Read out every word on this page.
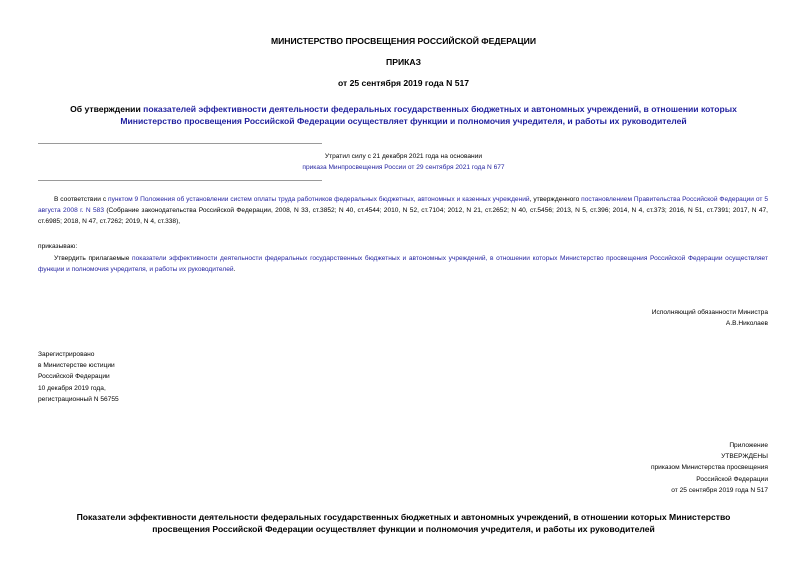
МИНИСТЕРСТВО ПРОСВЕЩЕНИЯ РОССИЙСКОЙ ФЕДЕРАЦИИ
ПРИКАЗ
от 25 сентября 2019 года N 517
Об утверждении показателей эффективности деятельности федеральных государственных бюджетных и автономных учреждений, в отношении которых Министерство просвещения Российской Федерации осуществляет функции и полномочия учредителя, и работы их руководителей
Утратил силу с 21 декабря 2021 года на основании
приказа Минпросвещения России от 29 сентября 2021 года N 677
В соответствии с пунктом 9 Положения об установлении систем оплаты труда работников федеральных бюджетных, автономных и казенных учреждений, утвержденного постановлением Правительства Российской Федерации от 5 августа 2008 г. N 583 (Собрание законодательства Российской Федерации, 2008, N 33, ст.3852; N 40, ст.4544; 2010, N 52, ст.7104; 2012, N 21, ст.2652; N 40, ст.5456; 2013, N 5, ст.396; 2014, N 4, ст.373; 2016, N 51, ст.7391; 2017, N 47, ст.6985; 2018, N 47, ст.7262; 2019, N 4, ст.338),
приказываю:
Утвердить прилагаемые показатели эффективности деятельности федеральных государственных бюджетных и автономных учреждений, в отношении которых Министерство просвещения Российской Федерации осуществляет функции и полномочия учредителя, и работы их руководителей.

Исполняющий обязанности Министра

А.В.Николаев

Зарегистрировано

в Министерстве юстиции

Российской Федерации

10 декабря 2019 года,

регистрационный N 56755

Приложение

УТВЕРЖДЕНЫ

приказом Министерства просвещения

Российской Федерации

от 25 сентября 2019 года N 517

Показатели эффективности деятельности федеральных государственных бюджетных и автономных учреждений, в отношении которых Министерство

просвещения Российской Федерации осуществляет функции и полномочия учредителя, и работы их руководителей
